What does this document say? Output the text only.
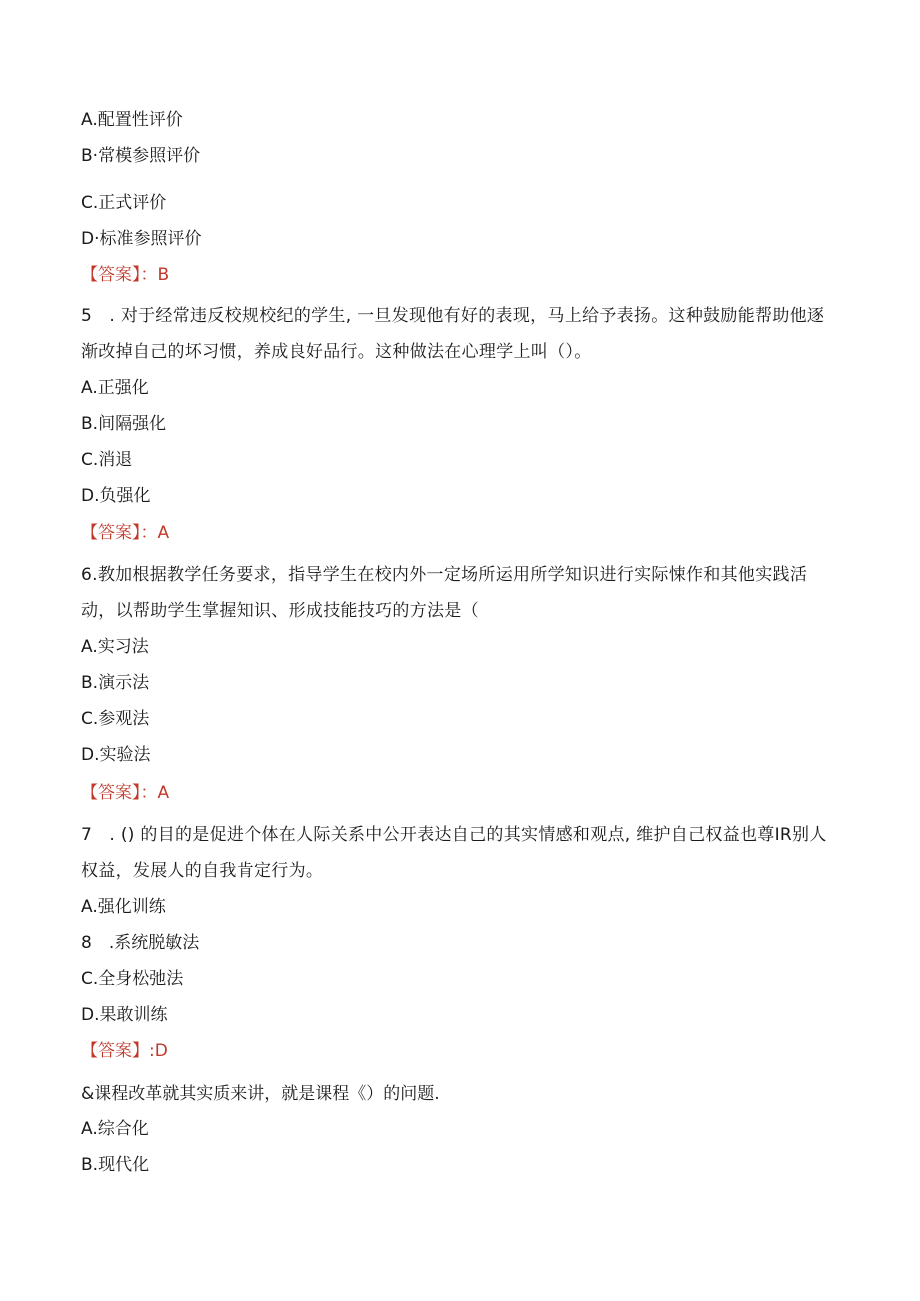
A.配置性评价
B·常模参照评价
C.正式评价
D·标准参照评价
【答案】：B
5　. 对于经常违反校规校纪的学生, 一旦发现他有好的表现，马上给予表扬。这种鼓励能帮助他逐渐改掉自己的坏习惯，养成良好品行。这种做法在心理学上叫（）。
A.正强化
B.间隔强化
C.消退
D.负强化
【答案】：A
6.教加根据教学任务要求，指导学生在校内外一定场所运用所学知识进行实际悚作和其他实践活动，以帮助学生掌握知识、形成技能技巧的方法是（
A.实习法
B.演示法
C.参观法
D.实验法
【答案】：A
7　. () 的目的是促进个体在人际关系中公开表达自己的其实情感和观点, 维护自己权益也尊IR别人权益，发展人的自我肯定行为。
A.强化训练
8　.系统脱敏法
C.全身松弛法
D.果敢训练
【答案】:D
&课程改革就其实质来讲，就是课程《）的问题.
A.综合化
B.现代化
